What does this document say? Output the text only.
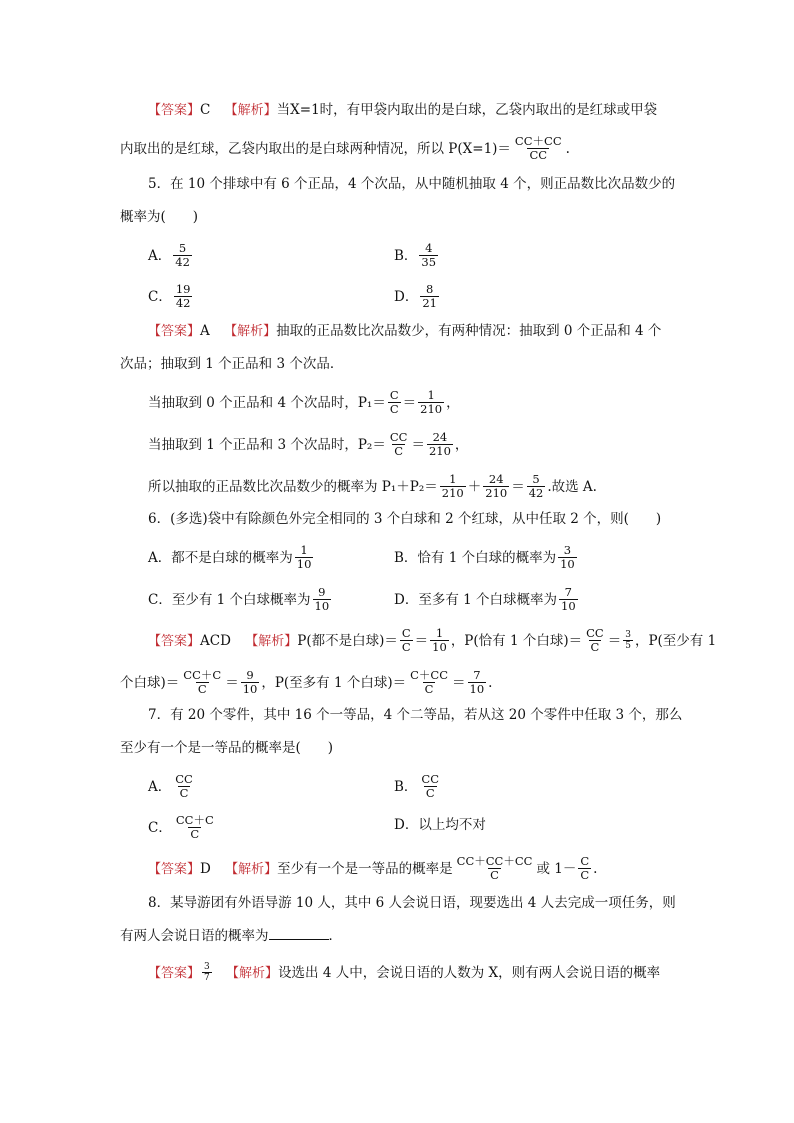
【答案】C 【解析】当X=1时，有甲袋内取出的是白球，乙袋内取出的是红球或甲袋
内取出的是红球，乙袋内取出的是白球两种情况，所以 $P(X=1)= \frac{CC+CC}{CC}$ .
5．在 10 个排球中有 6 个正品，4 个次品，从中随机抽取 4 个，则正品数比次品数少的
概率为(　　)
A． $\frac{5}{42}$	B． $\frac{4}{35}$
C． $\frac{19}{42}$	D． $\frac{8}{21}$
【答案】A 【解析】抽取的正品数比次品数少，有两种情况：抽取到 0 个正品和 4 个
次品；抽取到 1 个正品和 3 个次品．
当抽取到 0 个正品和 4 个次品时，$P_1= \frac{C}{C} = \frac{1}{210}$ ，
当抽取到 1 个正品和 3 个次品时，$P_2= \frac{CC}{C} = \frac{24}{210}$ ，
所以抽取的正品数比次品数少的概率为 $P_1+P_2= \frac{1}{210} + \frac{24}{210} = \frac{5}{42}$ .故选 A.
6．(多选)袋中有除颜色外完全相同的 3 个白球和 2 个红球，从中任取 2 个，则(　　)
A．都不是白球的概率为 $\frac{1}{10}$	B．恰有 1 个白球的概率为 $\frac{3}{10}$
C．至少有 1 个白球概率为 $\frac{9}{10}$	D．至多有 1 个白球概率为 $\frac{7}{10}$
【答案】ACD 【解析】P(都不是白球)＝ $\frac{C}{C} = \frac{1}{10}$ ，P(恰有 1 个白球)＝ $\frac{CC}{C} = \frac{3}{5}$ ，P(至少有 1
个白球)＝ $\frac{CC+C}{C} = \frac{9}{10}$ ，P(至多有 1 个白球)＝ $\frac{C+CC}{C} = \frac{7}{10}$ .
7．有 20 个零件，其中 16 个一等品，4 个二等品，若从这 20 个零件中任取 3 个，那么
至少有一个是一等品的概率是(　　)
A． $\frac{CC}{C}$	B． $\frac{CC}{C}$
C． $\frac{CC+C}{C}$	D．以上均不对
【答案】D 【解析】至少有一个是一等品的概率是 $\frac{CC+CC+CC}{C}$ 或 $1- \frac{C}{C}$ .
8．某导游团有外语导游 10 人，其中 6 人会说日语，现要选出 4 人去完成一项任务，则
有两人会说日语的概率为	．
【答案】 $\frac{3}{7}$ 【解析】设选出 4 人中，会说日语的人数为 X，则有两人会说日语的概率
